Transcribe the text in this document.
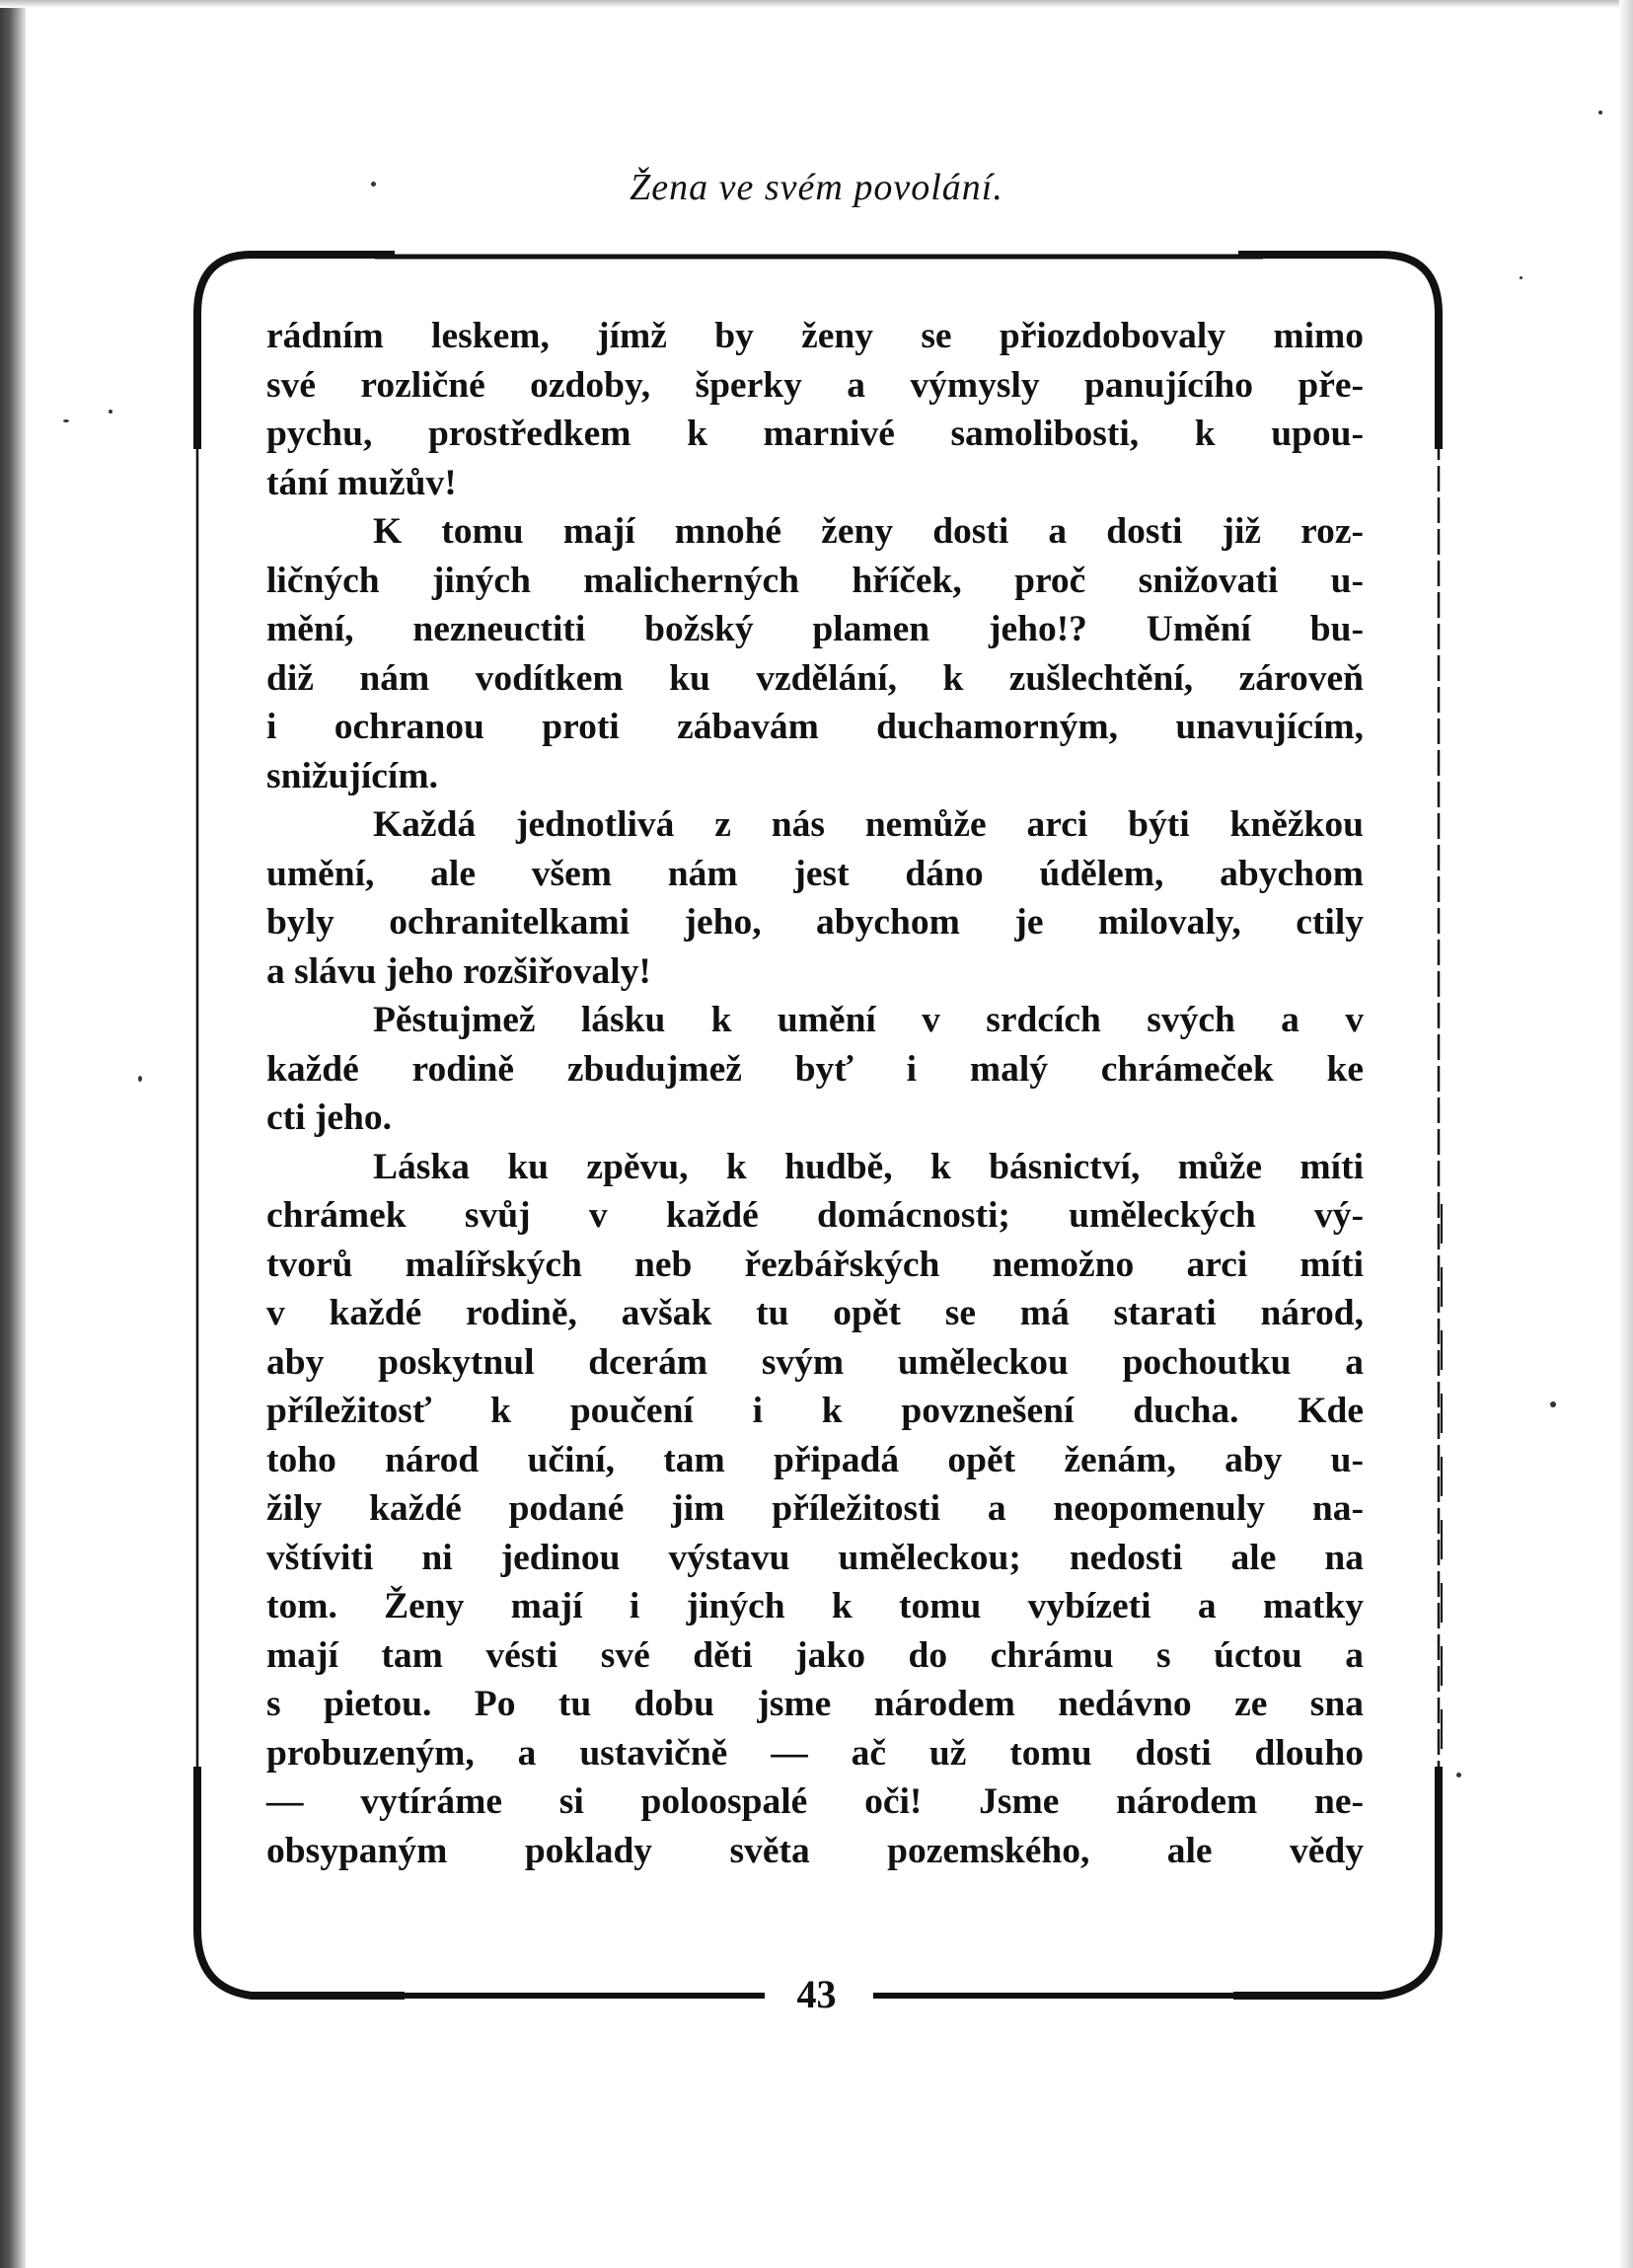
Žena ve svém povolání.
rádním leskem, jímž by ženy se přiozdobovaly mimo
své rozličné ozdoby, šperky a výmysly panujícího pře-
pychu, prostředkem k marnivé samolibosti, k upou-
tání mužův!
K tomu mají mnohé ženy dosti a dosti již roz-
ličných jiných malicherných hříček, proč snižovati u-
mění, nezneuctiti božský plamen jeho!? Umění bu-
diž nám vodítkem ku vzdělání, k zušlechtění, zároveň
i ochranou proti zábavám duchamorným, unavujícím,
snižujícím.
Každá jednotlivá z nás nemůže arci býti kněžkou
umění, ale všem nám jest dáno údělem, abychom
byly ochranitelkami jeho, abychom je milovaly, ctily
a slávu jeho rozšiřovaly!
Pěstujmež lásku k umění v srdcích svých a v
každé rodině zbudujmež byť i malý chrámeček ke
cti jeho.
Láska ku zpěvu, k hudbě, k básnictví, může míti
chrámek svůj v každé domácnosti; uměleckých vý-
tvorů malířských neb řezbářských nemožno arci míti
v každé rodině, avšak tu opět se má starati národ,
aby poskytnul dcerám svým uměleckou pochoutku a
příležitosť k poučení i k povznešení ducha. Kde
toho národ učiní, tam připadá opět ženám, aby u-
žily každé podané jim příležitosti a neopomenuly na-
vštíviti ni jedinou výstavu uměleckou; nedosti ale na
tom. Ženy mají i jiných k tomu vybízeti a matky
mají tam vésti své děti jako do chrámu s úctou a
s pietou. Po tu dobu jsme národem nedávno ze sna
probuzeným, a ustavičně — ač už tomu dosti dlouho
— vytíráme si poloospalé oči! Jsme národem ne-
obsypaným poklady světa pozemského, ale vědy
43
